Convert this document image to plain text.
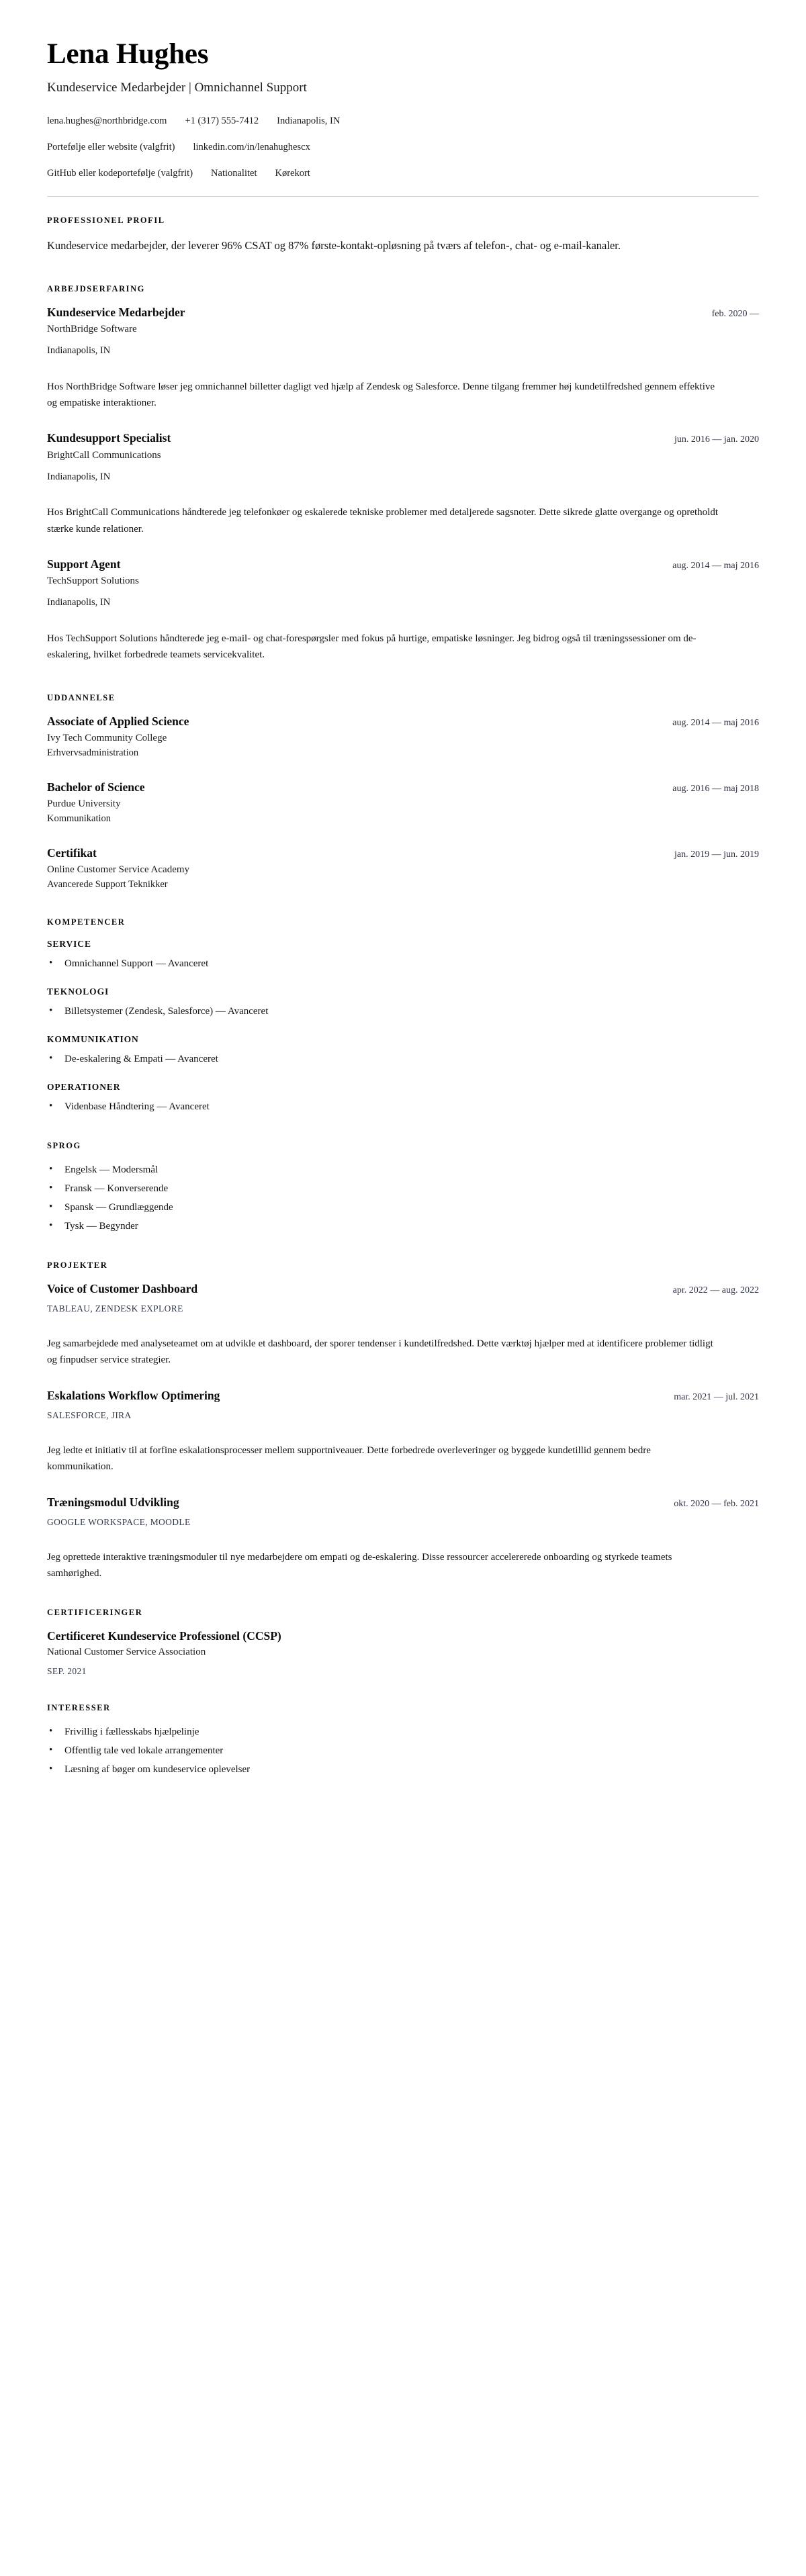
Lena Hughes
Kundeservice Medarbejder | Omnichannel Support
lena.hughes@northbridge.com +1 (317) 555-7412 Indianapolis, IN
Portefølje eller website (valgfrit) linkedin.com/in/lenahughescx
GitHub eller kodeportefølje (valgfrit) Nationalitet Kørekort
PROFESSIONEL PROFIL

Kundeservice medarbejder, der leverer 96% CSAT og 87% første-kontakt-opløsning på tværs af telefon-, chat- og e-mail-kanaler.

ARBEJDSERFARING
Kundeservice Medarbejder	feb. 2020 —
NorthBridge Software
Indianapolis, IN

Hos NorthBridge Software løser jeg omnichannel billetter dagligt ved hjælp af Zendesk og Salesforce. Denne tilgang fremmer høj kundetilfredshed gennem effektive og empatiske interaktioner.

Kundesupport Specialist	jun. 2016 — jan. 2020
BrightCall Communications
Indianapolis, IN

Hos BrightCall Communications håndterede jeg telefonkøer og eskalerede tekniske problemer med detaljerede sagsnoter. Dette sikrede glatte overgange og opretholdt stærke kunde relationer.

Support Agent	aug. 2014 — maj 2016
TechSupport Solutions
Indianapolis, IN

Hos TechSupport Solutions håndterede jeg e-mail- og chat-forespørgsler med fokus på hurtige, empatiske løsninger. Jeg bidrog også til træningssessioner om de-eskalering, hvilket forbedrede teamets servicekvalitet.

UDDANNELSE
Associate of Applied Science	aug. 2014 — maj 2016
Ivy Tech Community College
Erhvervsadministration
Bachelor of Science	aug. 2016 — maj 2018
Purdue University
Kommunikation
Certifikat	jan. 2019 — jun. 2019
Online Customer Service Academy
Avancerede Support Teknikker
KOMPETENCER
SERVICE
• Omnichannel Support — Avanceret
TEKNOLOGI
• Billetsystemer (Zendesk, Salesforce) — Avanceret
KOMMUNIKATION
• De-eskalering & Empati — Avanceret
OPERATIONER
• Videnbase Håndtering — Avanceret
SPROG
• Engelsk — Modersmål
• Fransk — Konverserende
• Spansk — Grundlæggende
• Tysk — Begynder
PROJEKTER
Voice of Customer Dashboard	apr. 2022 — aug. 2022
TABLEAU, ZENDESK EXPLORE

Jeg samarbejdede med analyseteamet om at udvikle et dashboard, der sporer tendenser i kundetilfredshed. Dette værktøj hjælper med at identificere problemer tidligt og finpudser service strategier.

Eskalations Workflow Optimering	mar. 2021 — jul. 2021
SALESFORCE, JIRA

Jeg ledte et initiativ til at forfine eskalationsprocesser mellem supportniveauer. Dette forbedrede overleveringer og byggede kundetillid gennem bedre kommunikation.

Træningsmodul Udvikling	okt. 2020 — feb. 2021
GOOGLE WORKSPACE, MOODLE

Jeg oprettede interaktive træningsmoduler til nye medarbejdere om empati og de-eskalering. Disse ressourcer accelererede onboarding og styrkede teamets samhørighed.

CERTIFICERINGER
Certificeret Kundeservice Professionel (CCSP)
National Customer Service Association
SEP. 2021
INTERESSER
• Frivillig i fællesskabs hjælpelinje
• Offentlig tale ved lokale arrangementer
• Læsning af bøger om kundeservice oplevelser
